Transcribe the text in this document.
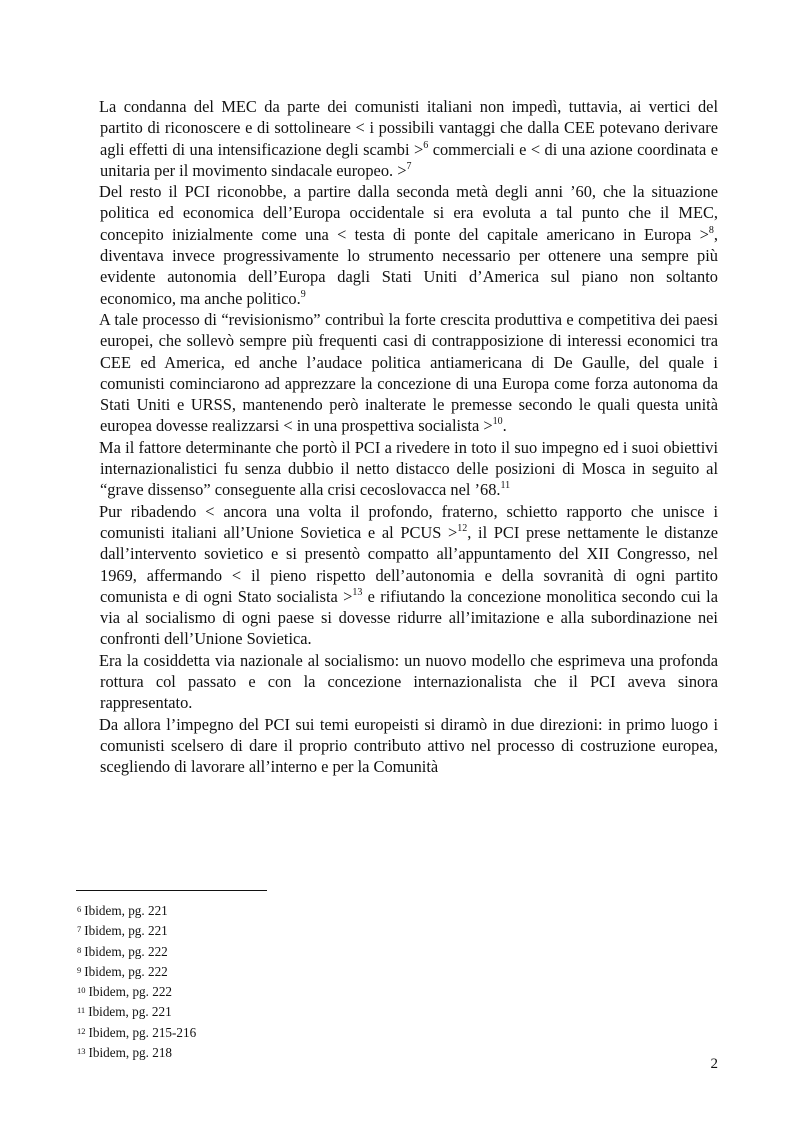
La condanna del MEC da parte dei comunisti italiani non impedì, tuttavia, ai vertici del partito di riconoscere e di sottolineare < i possibili vantaggi che dalla CEE potevano derivare agli effetti di una intensificazione degli scambi >$^6$ commerciali e < di una azione coordinata e unitaria per il movimento sindacale europeo. >$^7$

Del resto il PCI riconobbe, a partire dalla seconda metà degli anni ’60, che la situazione politica ed economica dell’Europa occidentale si era evoluta a tal punto che il MEC, concepito inizialmente come una < testa di ponte del capitale americano in Europa >$^8$, diventava invece progressivamente lo strumento necessario per ottenere una sempre più evidente autonomia dell’Europa dagli Stati Uniti d’America sul piano non soltanto economico, ma anche politico.$^9$

A tale processo di “revisionismo” contribuì la forte crescita produttiva e competitiva dei paesi europei, che sollevò sempre più frequenti casi di contrapposizione di interessi economici tra CEE ed America, ed anche l’audace politica antiamericana di De Gaulle, del quale i comunisti cominciarono ad apprezzare la concezione di una Europa come forza autonoma da Stati Uniti e URSS, mantenendo però inalterate le premesse secondo le quali questa unità europea dovesse realizzarsi < in una prospettiva socialista >$^{10}$.

Ma il fattore determinante che portò il PCI a rivedere in toto il suo impegno ed i suoi obiettivi internazionalistici fu senza dubbio il netto distacco delle posizioni di Mosca in seguito al “grave dissenso” conseguente alla crisi cecoslovacca nel ’68.11

Pur ribadendo < ancora una volta il profondo, fraterno, schietto rapporto che unisce i comunisti italiani all’Unione Sovietica e al PCUS >$^{12}$, il PCI prese nettamente le distanze dall’intervento sovietico e si presentò compatto all’appuntamento del XII Congresso, nel 1969, affermando < il pieno rispetto dell’autonomia e della sovranità di ogni partito comunista e di ogni Stato socialista >$^{13}$ e rifiutando la concezione monolitica secondo cui la via al socialismo di ogni paese si dovesse ridurre all’imitazione e alla subordinazione nei confronti dell’Unione Sovietica.

Era la cosiddetta via nazionale al socialismo: un nuovo modello che esprimeva una profonda rottura col passato e con la concezione internazionalista che il PCI aveva sinora rappresentato.

Da allora l’impegno del PCI sui temi europeisti si diramò in due direzioni: in primo luogo i comunisti scelsero di dare il proprio contributo attivo nel processo di costruzione europea, scegliendo di lavorare all’interno e per la Comunità

$^6$ Ibidem, pg. 221
$^7$ Ibidem, pg. 221
$^8$ Ibidem, pg. 222
$^9$ Ibidem, pg. 222
$^{10}$ Ibidem, pg. 222
$^{11}$ Ibidem, pg. 221
$^{12}$ Ibidem, pg. 215-216
$^{13}$ Ibidem, pg. 218
2
